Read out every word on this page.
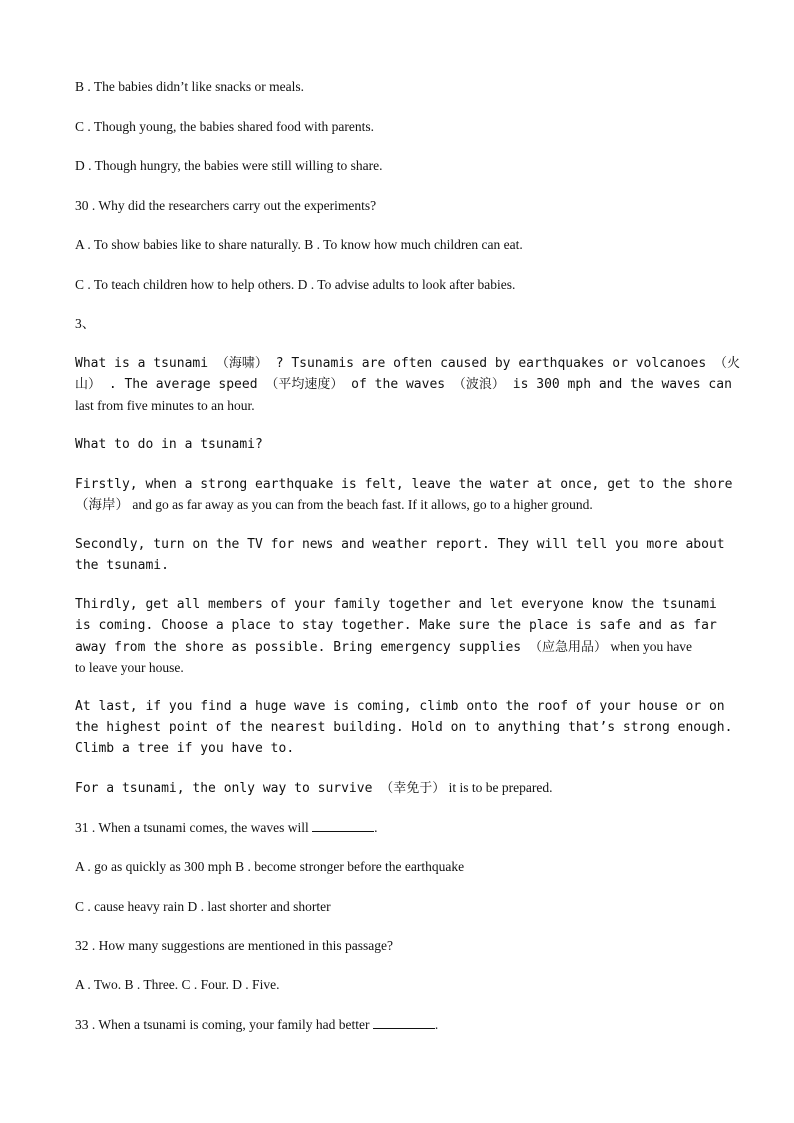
B . The babies didn’t like snacks or meals.

C . Though young, the babies shared food with parents.

D . Though hungry, the babies were still willing to share.

30 . Why did the researchers carry out the experiments?

A . To show babies like to share naturally. B . To know how much children can eat.

C . To teach children how to help others. D . To advise adults to look after babies.

3、

What is a tsunami （海啸） ? Tsunamis are often caused by earthquakes or volcanoes （火

山） . The average speed （平均速度） of the waves （波浪） is 300 mph and the waves can

last from five minutes to an hour.

What to do in a tsunami?

Firstly, when a strong earthquake is felt, leave the water at once, get to the shore

（海岸） and go as far away as you can from the beach fast. If it allows, go to a higher ground.

Secondly, turn on the TV for news and weather report. They will tell you more about

the tsunami.

Thirdly, get all members of your family together and let everyone know the tsunami

is coming. Choose a place to stay together. Make sure the place is safe and as far

away from the shore as possible. Bring emergency supplies （应急用品） when you have

to leave your house.

At last, if you find a huge wave is coming, climb onto the roof of your house or on

the highest point of the nearest building. Hold on to anything that’s strong enough.

Climb a tree if you have to.

For a tsunami, the only way to survive （幸免于） it is to be prepared.

31 . When a tsunami comes, the waves will	.

A . go as quickly as 300 mph B . become stronger before the earthquake

C . cause heavy rain D . last shorter and shorter

32 . How many suggestions are mentioned in this passage?

A . Two. B . Three. C . Four. D . Five.

33 . When a tsunami is coming, your family had better	.
